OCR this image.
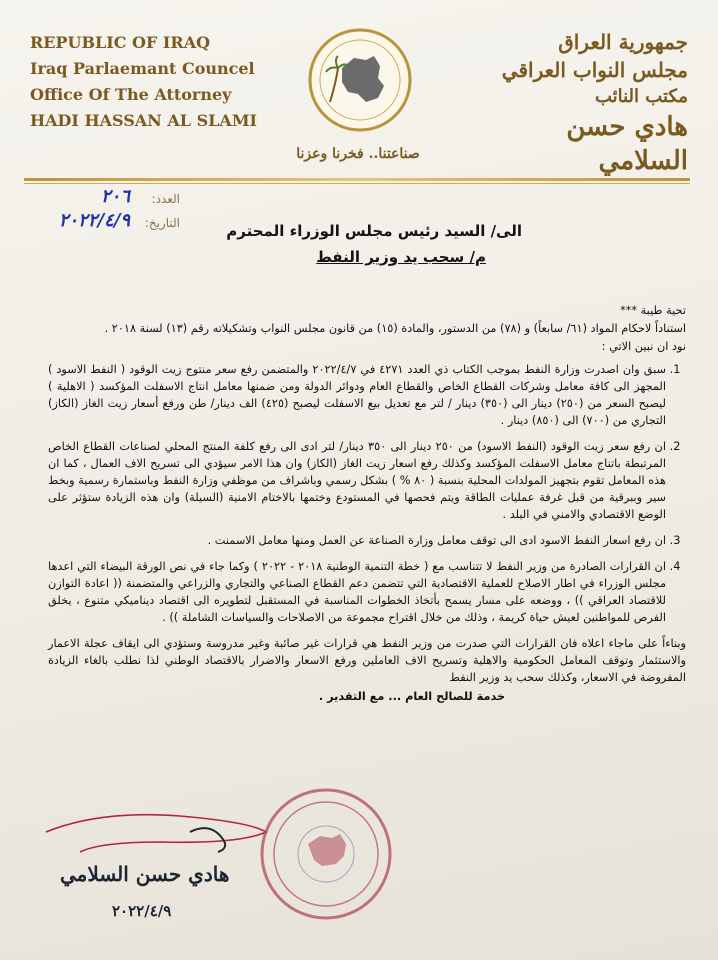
REPUBLIC OF IRAQ
Iraq Parlaemant Councel
Office Of The Attorney
HADI HASSAN AL SLAMI
جمهورية العراق
مجلس النواب العراقي
مكتب النائب
هادي حسن السلامي
صناعتنا.. فخرنا وعزنا
العدد:
٢٠٦
التاريخ:
٢٠٢٢/٤/٩	الى/ السيد رئيس مجلس الوزراء المحترم
م/ سحب يد وزير النفط

تحية طيبة ***

استناداً لاحكام المواد (٦١/ سابعاً) و (٧٨) من الدستور، والمادة (١٥) من قانون مجلس النواب وتشكيلاته رقم (١٣) لسنة ٢٠١٨ .

نود ان نبين الاتي :

1. سبق وان اصدرت وزارة النفط بموجب الكتاب ذي العدد ٤٢٧١ في ٢٠٢٢/٤/٧ والمتضمن رفع سعر منتوج زيت الوقود ( النفط الاسود ) المجهز الى كافة معامل وشركات القطاع الخاص والقطاع العام ودوائر الدولة ومن ضمنها معامل انتاج الاسفلت المؤكسد ( الاهلية ) ليصبح السعر من (٢٥٠) دينار الى (٣٥٠) دينار / لتر مع تعديل بيع الاسفلت ليصبح (٤٢٥) الف دينار/ طن ورفع أسعار زيت الغاز (الكاز) التجاري من (٧٠٠) الى (٨٥٠) دينار .
2. ان رفع سعر زيت الوقود (النفط الاسود) من ٢٥٠ دينار الى ٣٥٠ دينار/ لتر ادى الى رفع كلفة المنتج المحلي لصناعات القطاع الخاص المرتبطة باتناج معامل الاسفلت المؤكسد وكذلك رفع اسعار زيت الغاز (الكاز) وان هذا الامر سيؤدي الى تسريح الاف العمال ، كما ان هذه المعامل تقوم بتجهيز المولدات المحلية بنسبة ( ٨٠ % ) بشكل رسمي وباشراف من موظفي وزارة النفط وباستمارة رسمية وبخط سير وببرقية من قبل غرفة عمليات الطاقة ويتم فحصها في المستودع وختمها بالاختام الامنية (السيلة) وان هذه الزيادة ستؤثر على الوضع الاقتصادي والامني في البلد .
3. ان رفع اسعار النفط الاسود ادى الى توقف معامل وزارة الصناعة عن العمل ومنها معامل الاسمنت .
4. ان القرارات الصادرة من وزير النفط لا تتناسب مع ( خطة التنمية الوطنية ٢٠١٨ - ٢٠٢٢ ) وكما جاء في نص الورقة البيضاء التي اعدها مجلس الوزراء في اطار الاصلاح للعملية الاقتصادية التي تتضمن دعم القطاع الصناعي والتجاري والزراعي والمتضمنة (( اعادة التوازن للاقتصاد العراقي )) ، ووضعه على مسار يسمح بأتخاذ الخطوات المناسبة في المستقبل لتطويره الى اقتصاد ديناميكي متنوع ، يخلق الفرص للمواطنين لعيش حياة كريمة ، وذلك من خلال اقتراح مجموعة من الاصلاحات والسياسات الشاملة )) .

وبناءاً على ماجاء اعلاه فان القرارات التي صدرت من وزير النفط هي قرارات غير صائبة وغير مدروسة وستؤدي الى ايقاف عجلة الاعمار والاستثمار وتوقف المعامل الحكومية والاهلية وتسريح الاف العاملين ورفع الاسعار والاضرار بالاقتصاد الوطني لذا نطلب بالغاء الزيادة المفروضة في الاسعار، وكذلك سحب يد وزير النفط

خدمة للصالح العام ... مع التقدير .

هادي حسن السلامي
٢٠٢٢/٤/٩
